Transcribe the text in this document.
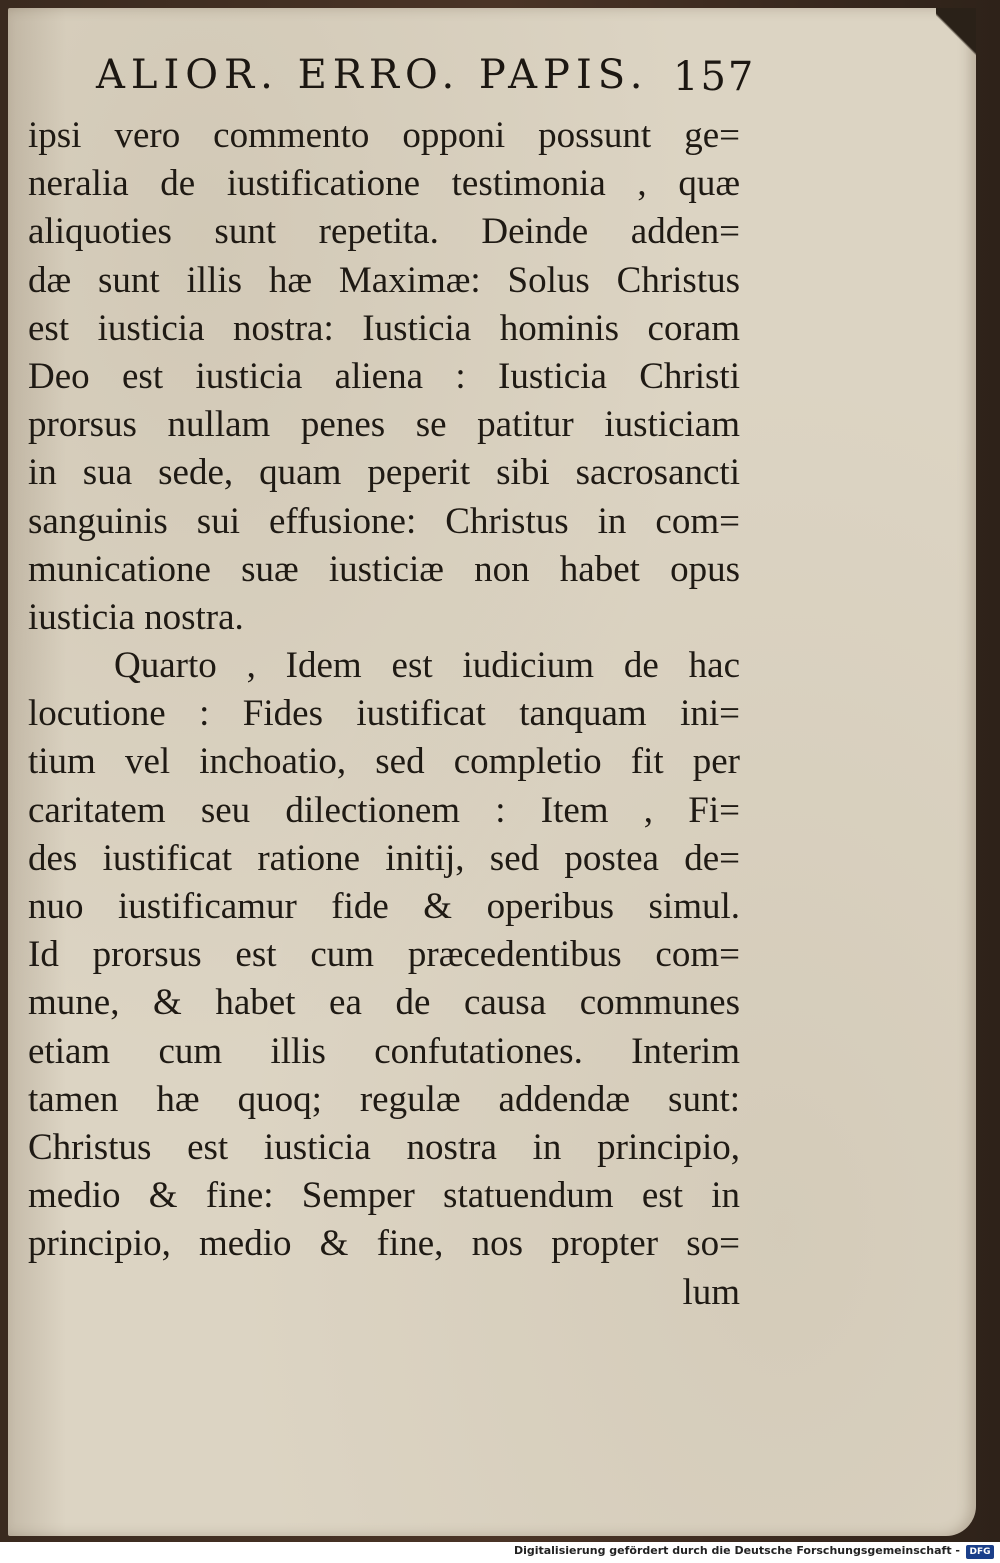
ALIOR. ERRO. PAPIS. 157
ipsi vero commento opponi possunt ge=
neralia de iustificatione testimonia , quæ
aliquoties sunt repetita. Deinde adden=
dæ sunt illis hæ Maximæ: Solus Christus
est iusticia nostra: Iusticia hominis coram
Deo est iusticia aliena : Iusticia Christi
prorsus nullam penes se patitur iusticiam
in sua sede, quam peperit sibi sacrosancti
sanguinis sui effusione: Christus in com=
municatione suæ iusticiæ non habet opus
iusticia nostra.
Quarto , Idem est iudicium de hac
locutione : Fides iustificat tanquam ini=
tium vel inchoatio, sed completio fit per
caritatem seu dilectionem : Item , Fi=
des iustificat ratione initij, sed postea de=
nuo iustificamur fide & operibus simul.
Id prorsus est cum præcedentibus com=
mune, & habet ea de causa communes
etiam cum illis confutationes. Interim
tamen hæ quoq; regulæ addendæ sunt:
Christus est iusticia nostra in principio,
medio & fine: Semper statuendum est in
principio, medio & fine, nos propter so=
lum
Digitalisierung gefördert durch die Deutsche Forschungsgemeinschaft -	DFG
